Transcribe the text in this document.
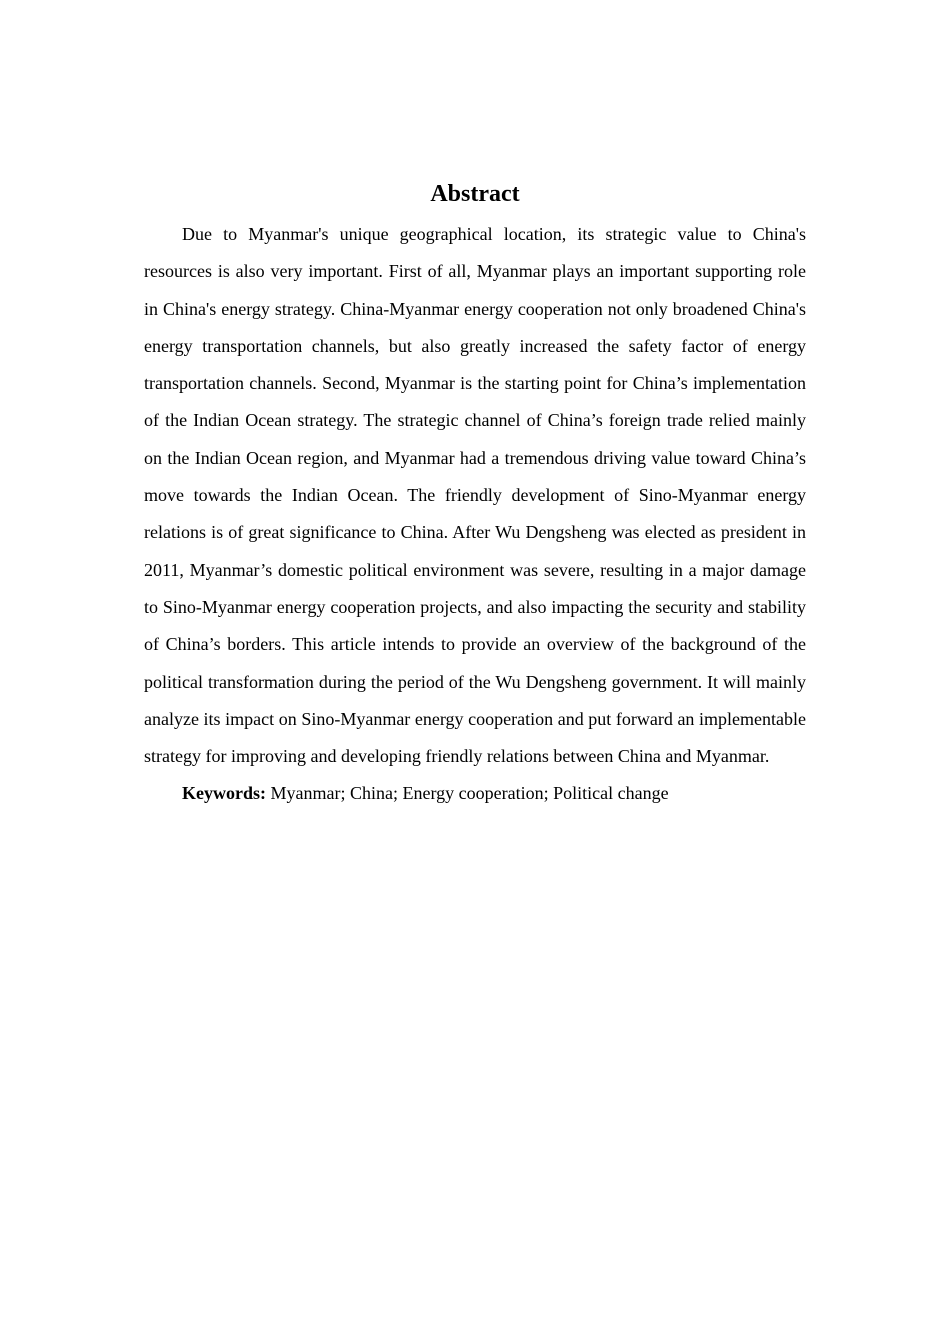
Abstract

Due to Myanmar's unique geographical location, its strategic value to China's resources is also very important. First of all, Myanmar plays an important supporting role in China's energy strategy. China-Myanmar energy cooperation not only broadened China's energy transportation channels, but also greatly increased the safety factor of energy transportation channels. Second, Myanmar is the starting point for China’s implementation of the Indian Ocean strategy. The strategic channel of China’s foreign trade relied mainly on the Indian Ocean region, and Myanmar had a tremendous driving value toward China’s move towards the Indian Ocean. The friendly development of Sino-Myanmar energy relations is of great significance to China. After Wu Dengsheng was elected as president in 2011, Myanmar’s domestic political environment was severe, resulting in a major damage to Sino-Myanmar energy cooperation projects, and also impacting the security and stability of China’s borders. This article intends to provide an overview of the background of the political transformation during the period of the Wu Dengsheng government. It will mainly analyze its impact on Sino-Myanmar energy cooperation and put forward an implementable strategy for improving and developing friendly relations between China and Myanmar.

Keywords: Myanmar; China; Energy cooperation; Political change
